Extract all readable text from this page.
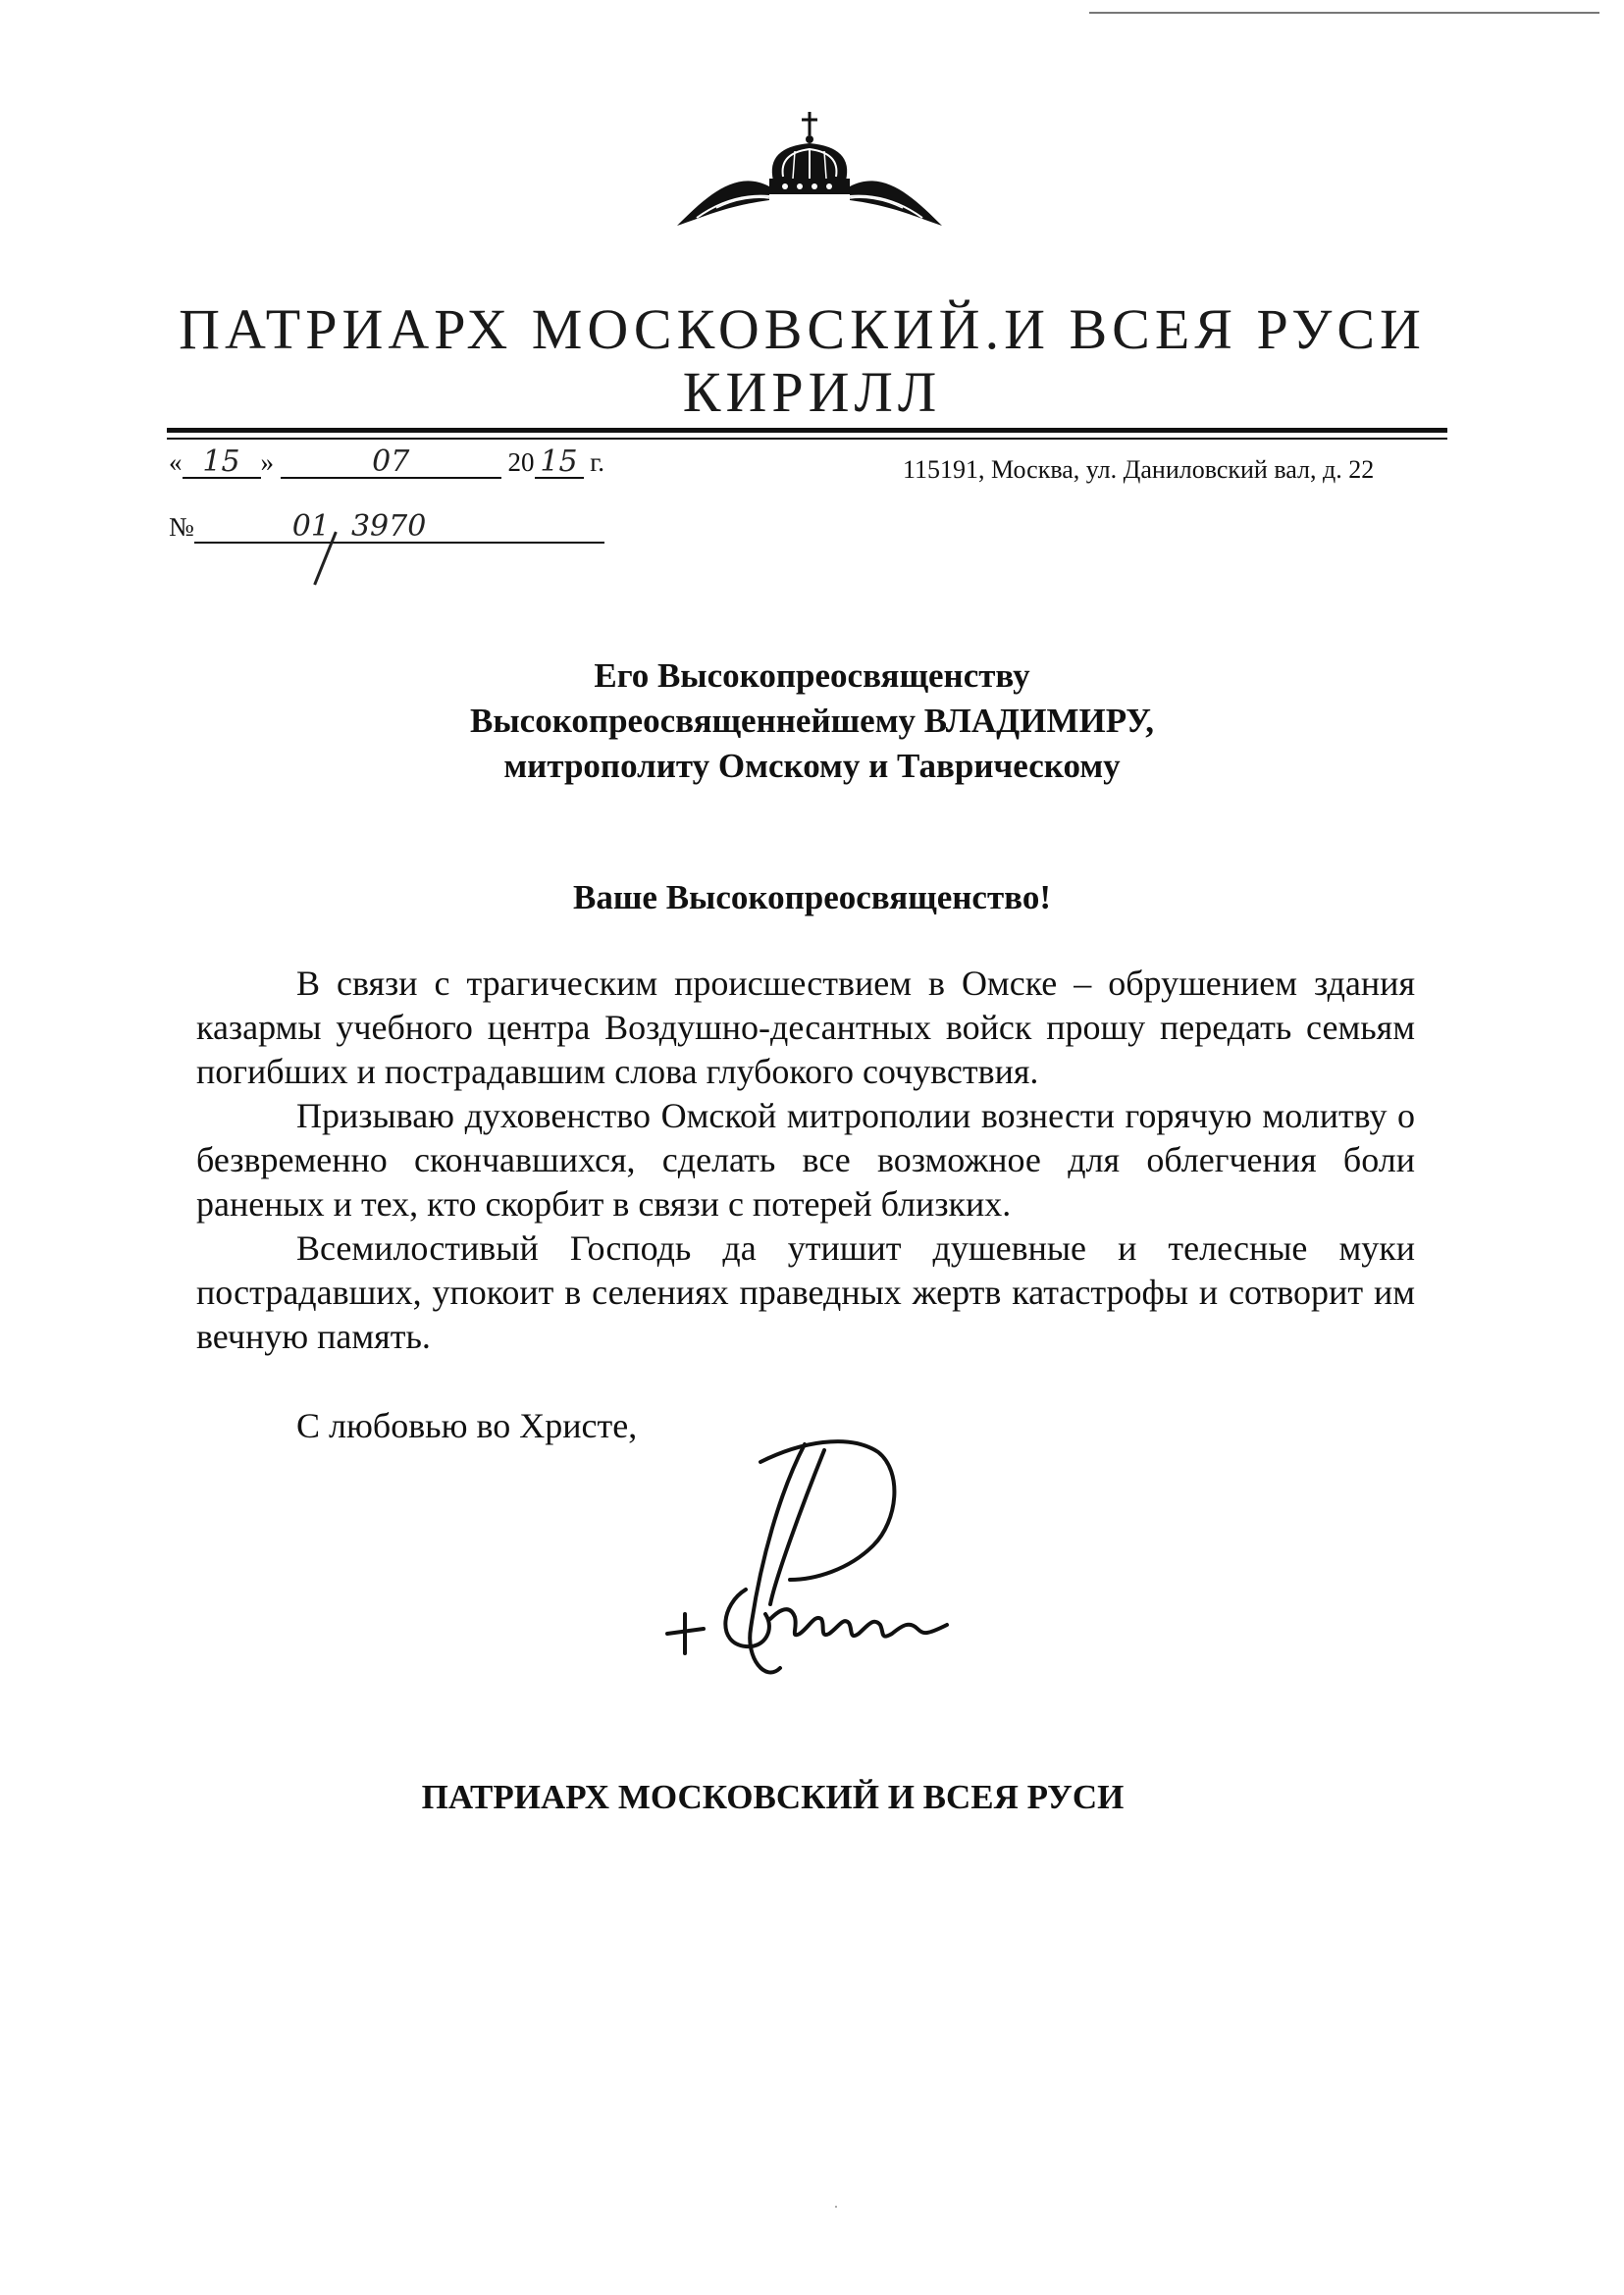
ПАТРИАРХ МОСКОВСКИЙ.И ВСЕЯ РУСИ
КИРИЛЛ
« 15 »	07	20 15 г.	115191, Москва, ул. Даниловский вал, д. 22
№	01 3970
Его Высокопреосвященству
Высокопреосвященнейшему ВЛАДИМИРУ,
митрополиту Омскому и Таврическому
Ваше Высокопреосвященство!

В связи с трагическим происшествием в Омске – обрушением здания казармы учебного центра Воздушно-десантных войск прошу передать семьям погибших и пострадавшим слова глубокого сочувствия.

Призываю духовенство Омской митрополии вознести горячую молитву о безвременно скончавшихся, сделать все возможное для облегчения боли раненых и тех, кто скорбит в связи с потерей близких.

Всемилостивый Господь да утишит душевные и телесные муки пострадавших, упокоит в селениях праведных жертв катастрофы и сотворит им вечную память.

С любовью во Христе,
ПАТРИАРХ МОСКОВСКИЙ И ВСЕЯ РУСИ
